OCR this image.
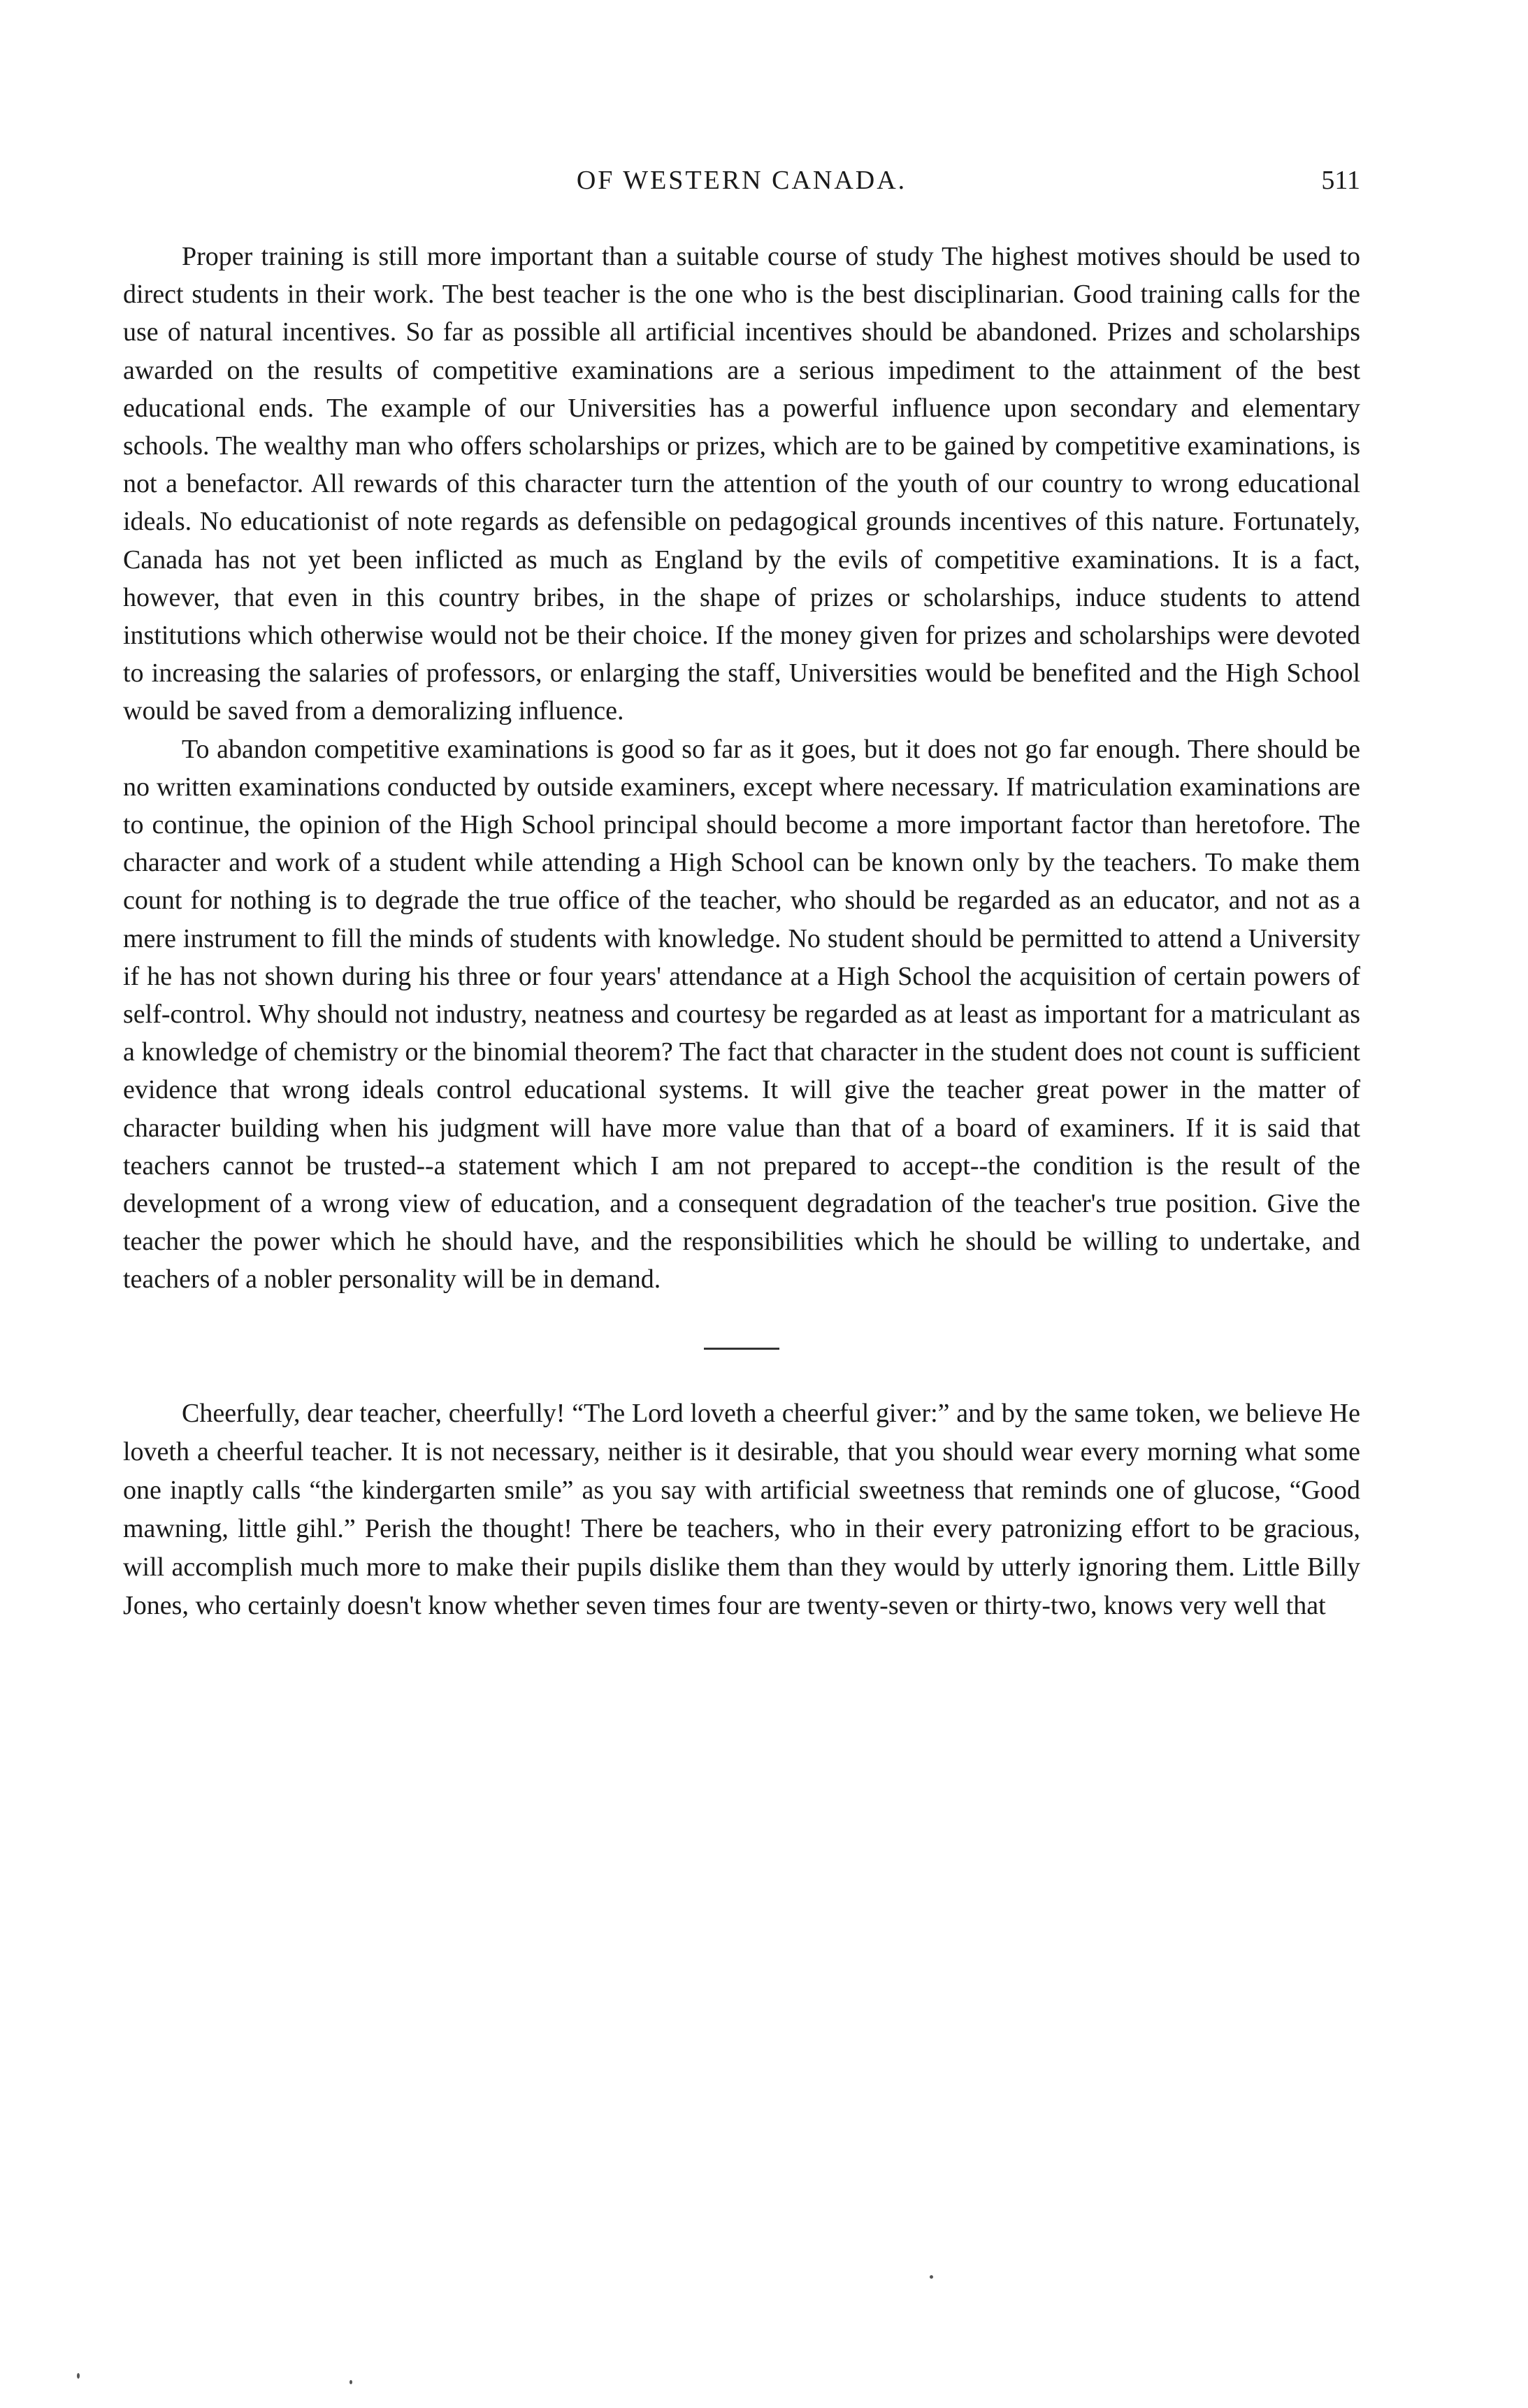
OF WESTERN CANADA.	511

Proper training is still more important than a suitable course of study The highest motives should be used to direct students in their work. The best teacher is the one who is the best disciplinarian. Good training calls for the use of natural incentives. So far as possible all artificial incentives should be abandoned. Prizes and scholarships awarded on the results of competitive examinations are a serious impediment to the attainment of the best educational ends. The example of our Universities has a powerful influence upon secondary and elementary schools. The wealthy man who offers scholarships or prizes, which are to be gained by competitive examinations, is not a benefactor. All rewards of this character turn the attention of the youth of our country to wrong educational ideals. No educationist of note regards as defensible on pedagogical grounds incentives of this nature. Fortunately, Canada has not yet been inflicted as much as England by the evils of competitive examinations. It is a fact, however, that even in this country bribes, in the shape of prizes or scholarships, induce students to attend institutions which otherwise would not be their choice. If the money given for prizes and scholarships were devoted to increasing the salaries of professors, or enlarging the staff, Universities would be benefited and the High School would be saved from a demoralizing influence.

To abandon competitive examinations is good so far as it goes, but it does not go far enough. There should be no written examinations conducted by outside examiners, except where necessary. If matriculation examinations are to continue, the opinion of the High School principal should become a more important factor than heretofore. The character and work of a student while attending a High School can be known only by the teachers. To make them count for nothing is to degrade the true office of the teacher, who should be regarded as an educator, and not as a mere instrument to fill the minds of students with knowledge. No student should be permitted to attend a University if he has not shown during his three or four years' attendance at a High School the acquisition of certain powers of self-control. Why should not industry, neatness and courtesy be regarded as at least as important for a matriculant as a knowledge of chemistry or the binomial theorem? The fact that character in the student does not count is sufficient evidence that wrong ideals control educational systems. It will give the teacher great power in the matter of character building when his judgment will have more value than that of a board of examiners. If it is said that teachers cannot be trusted--a statement which I am not prepared to accept--the condition is the result of the development of a wrong view of education, and a consequent degradation of the teacher's true position. Give the teacher the power which he should have, and the responsibilities which he should be willing to undertake, and teachers of a nobler personality will be in demand.

Cheerfully, dear teacher, cheerfully! “The Lord loveth a cheerful giver:” and by the same token, we believe He loveth a cheerful teacher. It is not necessary, neither is it desirable, that you should wear every morning what some one inaptly calls “the kindergarten smile” as you say with artificial sweetness that reminds one of glucose, “Good mawning, little gihl.” Perish the thought! There be teachers, who in their every patronizing effort to be gracious, will accomplish much more to make their pupils dislike them than they would by utterly ignoring them. Little Billy Jones, who certainly doesn't know whether seven times four are twenty-seven or thirty-two, knows very well that
